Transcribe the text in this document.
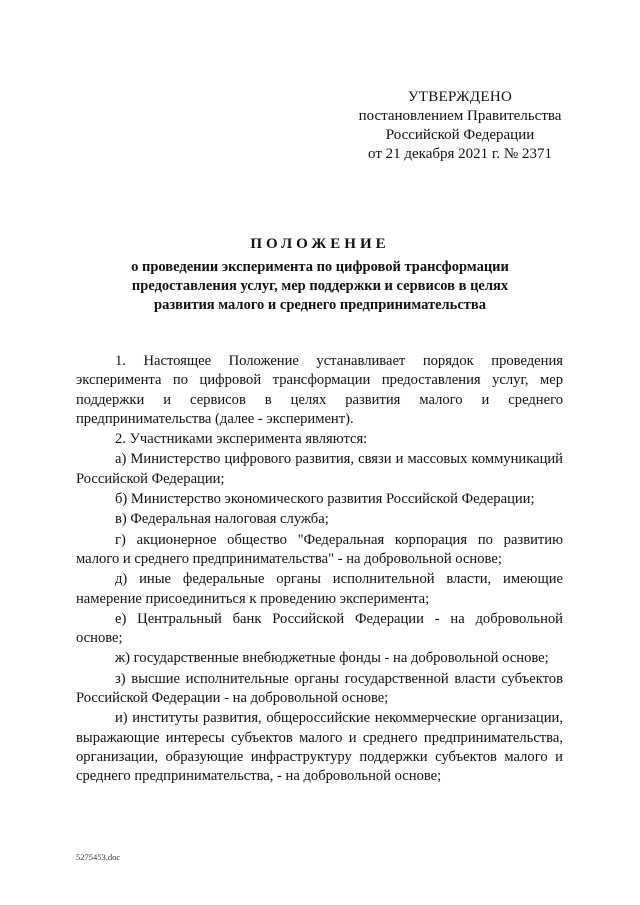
УТВЕРЖДЕНО
постановлением Правительства
Российской Федерации
от 21 декабря 2021 г. № 2371
ПОЛОЖЕНИЕ
о проведении эксперимента по цифровой трансформации предоставления услуг, мер поддержки и сервисов в целях развития малого и среднего предпринимательства

1. Настоящее Положение устанавливает порядок проведения эксперимента по цифровой трансформации предоставления услуг, мер поддержки и сервисов в целях развития малого и среднего предпринимательства (далее - эксперимент).

2. Участниками эксперимента являются:

а) Министерство цифрового развития, связи и массовых коммуникаций Российской Федерации;

б) Министерство экономического развития Российской Федерации;

в) Федеральная налоговая служба;

г) акционерное общество "Федеральная корпорация по развитию малого и среднего предпринимательства" - на добровольной основе;

д) иные федеральные органы исполнительной власти, имеющие намерение присоединиться к проведению эксперимента;

е) Центральный банк Российской Федерации - на добровольной основе;

ж) государственные внебюджетные фонды - на добровольной основе;

з) высшие исполнительные органы государственной власти субъектов Российской Федерации - на добровольной основе;

и) институты развития, общероссийские некоммерческие организации, выражающие интересы субъектов малого и среднего предпринимательства, организации, образующие инфраструктуру поддержки субъектов малого и среднего предпринимательства, - на добровольной основе;

5275453.doc
